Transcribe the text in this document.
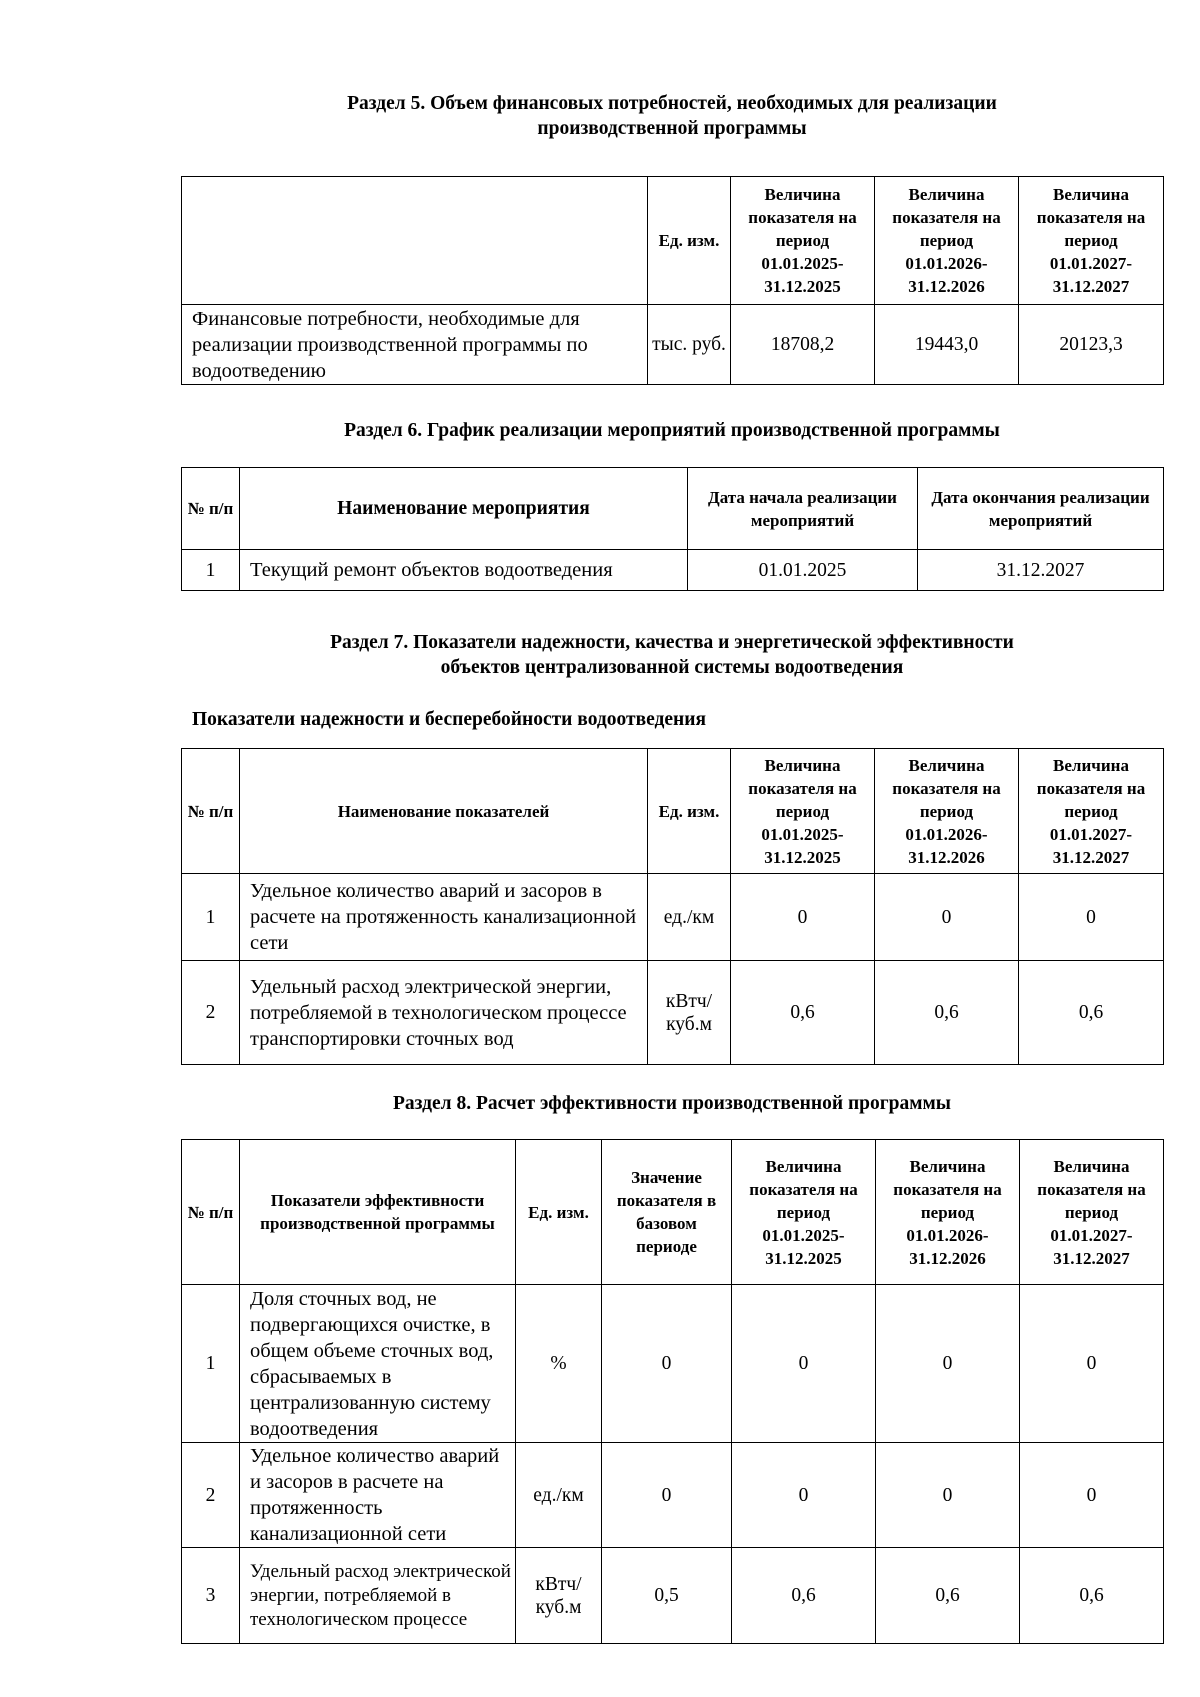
Раздел 5. Объем финансовых потребностей, необходимых для реализации
производственной программы

	Ед. изм.	Величина показателя на период 01.01.2025-31.12.2025	Величина показателя на период 01.01.2026-31.12.2026	Величина показателя на период 01.01.2027-31.12.2027
Финансовые потребности, необходимые для реализации производственной программы по водоотведению	тыс. руб.	18708,2	19443,0	20123,3

Раздел 6. График реализации мероприятий производственной программы

№ п/п	Наименование мероприятия	Дата начала реализации мероприятий	Дата окончания реализации мероприятий
1	Текущий ремонт объектов водоотведения	01.01.2025	31.12.2027

Раздел 7. Показатели надежности, качества и энергетической эффективности
объектов централизованной системы водоотведения

Показатели надежности и бесперебойности водоотведения

№ п/п	Наименование показателей	Ед. изм.	Величина показателя на период 01.01.2025-31.12.2025	Величина показателя на период 01.01.2026-31.12.2026	Величина показателя на период 01.01.2027-31.12.2027
1	Удельное количество аварий и засоров в расчете на протяженность канализационной сети	ед./км	0	0	0
2	Удельный расход электрической энергии, потребляемой в технологическом процессе транспортировки сточных вод	кВтч/ куб.м	0,6	0,6	0,6

Раздел 8. Расчет эффективности производственной программы

№ п/п	Показатели эффективности производственной программы	Ед. изм.	Значение показателя в базовом периоде	Величина показателя на период 01.01.2025-31.12.2025	Величина показателя на период 01.01.2026-31.12.2026	Величина показателя на период 01.01.2027-31.12.2027
1	Доля сточных вод, не подвергающихся очистке, в общем объеме сточных вод, сбрасываемых в централизованную систему водоотведения	%	0	0	0	0
2	Удельное количество аварий и засоров в расчете на протяженность канализационной сети	ед./км	0	0	0	0
3	Удельный расход электрической энергии, потребляемой в технологическом процессе	кВтч/ куб.м	0,5	0,6	0,6	0,6
